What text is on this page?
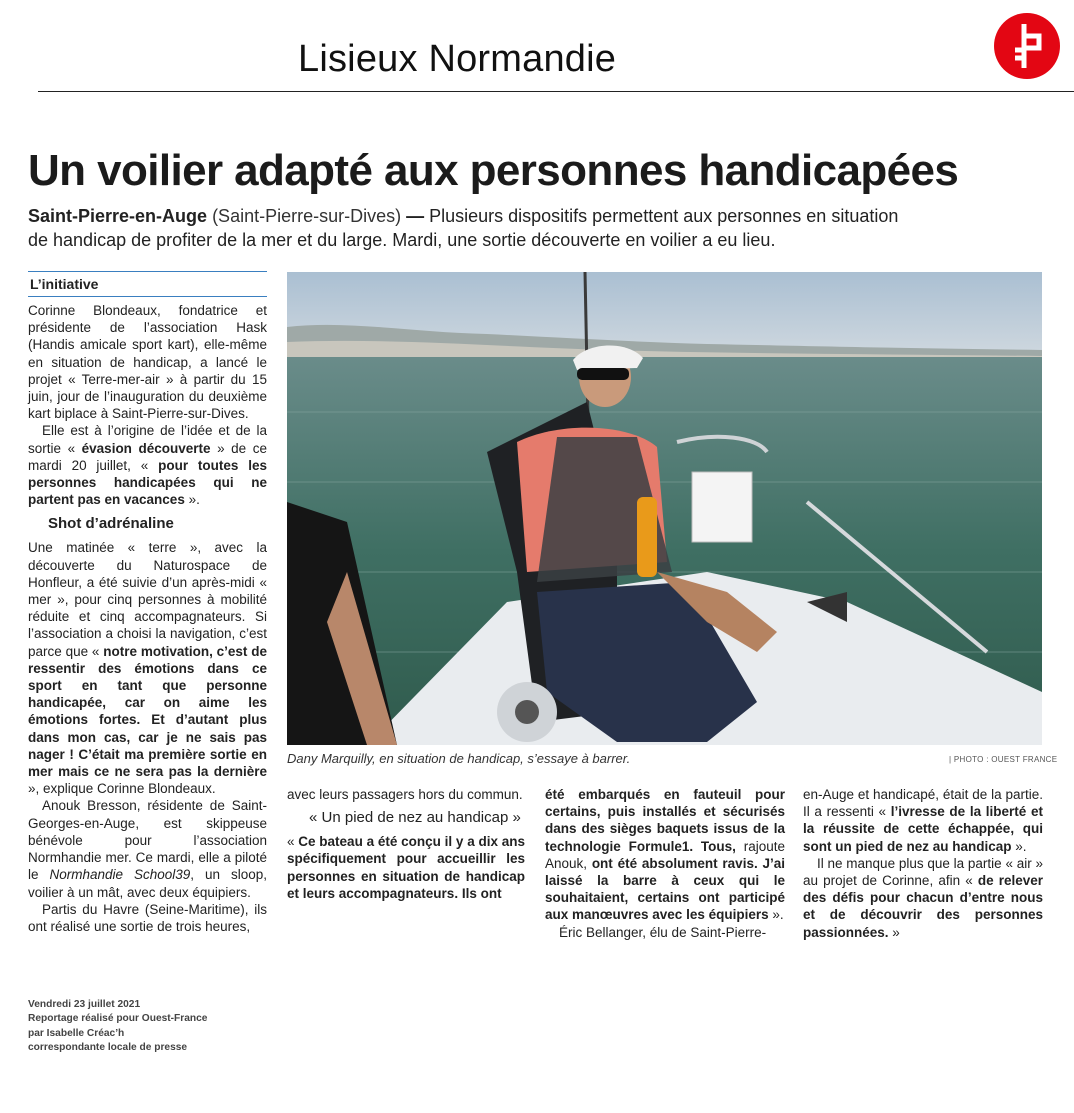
Lisieux Normandie
Un voilier adapté aux personnes handicapées
Saint-Pierre-en-Auge (Saint-Pierre-sur-Dives) — Plusieurs dispositifs permettent aux personnes en situation de handicap de profiter de la mer et du large. Mardi, une sortie découverte en voilier a eu lieu.
L’initiative

Corinne Blondeaux, fondatrice et présidente de l’association Hask (Handis amicale sport kart), elle-même en situation de handicap, a lancé le projet « Terre-mer-air » à partir du 15 juin, jour de l’inauguration du deuxième kart biplace à Saint-Pierre-sur-Dives.

Elle est à l’origine de l’idée et de la sortie « évasion découverte » de ce mardi 20 juillet, « pour toutes les personnes handicapées qui ne partent pas en vacances ».

Shot d’adrénaline

Une matinée « terre », avec la découverte du Naturospace de Honfleur, a été suivie d’un après-midi « mer », pour cinq personnes à mobilité réduite et cinq accompagnateurs. Si l’association a choisi la navigation, c’est parce que « notre motivation, c’est de ressentir des émotions dans ce sport en tant que personne handicapée, car on aime les émotions fortes. Et d’autant plus dans mon cas, car je ne sais pas nager ! C’était ma première sortie en mer mais ce ne sera pas la dernière », explique Corinne Blondeaux.

Anouk Bresson, résidente de Saint-Georges-en-Auge, est skippeuse bénévole pour l’association Normhandie mer. Ce mardi, elle a piloté le Normhandie School39, un sloop, voilier à un mât, avec deux équipiers.

Partis du Havre (Seine-Maritime), ils ont réalisé une sortie de trois heures,

Dany Marquilly, en situation de handicap, s’essaye à barrer.	| PHOTO : OUEST FRANCE

avec leurs passagers hors du commun.

« Un pied de nez au handicap »

« Ce bateau a été conçu il y a dix ans spécifiquement pour accueillir les personnes en situation de handicap et leurs accompagnateurs. Ils ont

été embarqués en fauteuil pour certains, puis installés et sécurisés dans des sièges baquets issus de la technologie Formule1. Tous, rajoute Anouk, ont été absolument ravis. J’ai laissé la barre à ceux qui le souhaitaient, certains ont participé aux manœuvres avec les équipiers ».

Éric Bellanger, élu de Saint-Pierre-

en-Auge et handicapé, était de la partie. Il a ressenti « l’ivresse de la liberté et la réussite de cette échappée, qui sont un pied de nez au handicap ».

Il ne manque plus que la partie « air » au projet de Corinne, afin « de relever des défis pour chacun d’entre nous et de découvrir des personnes passionnées. »

Vendredi 23 juillet 2021
Reportage réalisé pour Ouest-France
par Isabelle Créac’h
correspondante locale de presse
